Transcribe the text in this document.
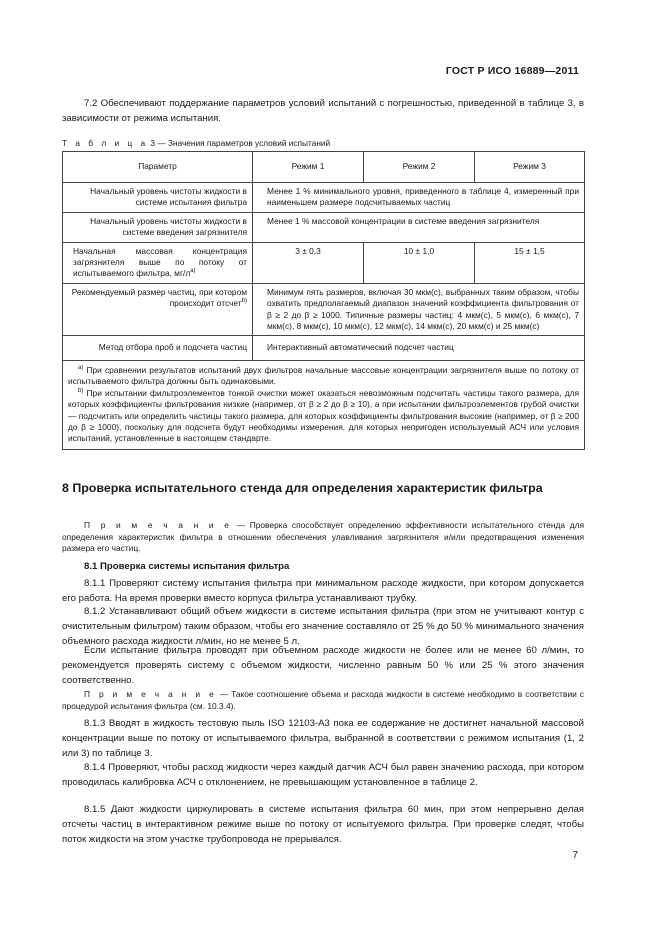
ГОСТ Р ИСО 16889—2011
7.2 Обеспечивают поддержание параметров условий испытаний с погрешностью, приведенной в таблице 3, в зависимости от режима испытания.
Т а б л и ц а 3 — Значения параметров условий испытаний
Параметр	Режим 1	Режим 2	Режим 3
Начальный уровень чистоты жидкости в системе испытания фильтра	Менее 1 % минимального уровня, приведенного в таблице 4, измеренный при наименьшем размере подсчитываемых частиц		
Начальный уровень чистоты жидкости в системе введения загрязнителя	Менее 1 % массовой концентрации в системе введения загрязнителя		
Начальная массовая концентрация загрязнителя выше по потоку от испытываемого фильтра, $мг/л^{a)}$	3 ± 0,3	10 ± 1,0	15 ± 1,5
Рекомендуемый размер частиц, при котором происходит отсчет$^{b)}$	Минимум пять размеров, включая 30 мкм(с), выбранных таким образом, чтобы охватить предполагаемый диапазон значений коэффициента фильтрования от β ≥ 2 до β ≥ 1000. Типичные размеры частиц: 4 мкм(с), 5 мкм(с), 6 мкм(с), 7 мкм(с), 8 мкм(с), 10 мкм(с), 12 мкм(с), 14 мкм(с), 20 мкм(с) и 25 мкм(с)		
Метод отбора проб и подсчета частиц	Интерактивный автоматический подсчет частиц		

$^{a)}$ При сравнении результатов испытаний двух фильтров начальные массовые концентрации загрязнителя выше по потоку от испытываемого фильтра должны быть одинаковыми.
$^{b)}$ При испытании фильтроэлементов тонкой очистки может оказаться невозможным подсчитать частицы такого размера, для которых коэффициенты фильтрования низкие (например, от β ≥ 2 до β ≥ 10), а при испытании фильтроэлементов грубой очистки — подсчитать или определить частицы такого размера, для которых коэффициенты фильтрования высокие (например, от β ≥ 200 до β ≥ 1000), поскольку для подсчета будут необходимы измерения, для которых непригоден используемый АСЧ или условия испытаний, установленные в настоящем стандарте.			
8 Проверка испытательного стенда для определения характеристик фильтра
П р и м е ч а н и е — Проверка способствует определению эффективности испытательного стенда для определения характеристик фильтра в отношении обеспечения улавливания загрязнителя и/или предотвращения изменения размера его частиц.
8.1 Проверка системы испытания фильтра
8.1.1 Проверяют систему испытания фильтра при минимальном расходе жидкости, при котором допускается его работа. На время проверки вместо корпуса фильтра устанавливают трубку.
8.1.2 Устанавливают общий объем жидкости в системе испытания фильтра (при этом не учитывают контур с очистительным фильтром) таким образом, чтобы его значение составляло от 25 % до 50 % минимального значения объемного расхода жидкости л/мин, но не менее 5 л.
Если испытание фильтра проводят при объемном расходе жидкости не более или не менее 60 л/мин, то рекомендуется проверять систему с объемом жидкости, численно равным 50 % или 25 % этого значения соответственно.
П р и м е ч а н и е — Такое соотношение объема и расхода жидкости в системе необходимо в соответствии с процедурой испытания фильтра (см. 10.3.4).
8.1.3 Вводят в жидкость тестовую пыль ISO 12103-A3 пока ее содержание не достигнет начальной массовой концентрации выше по потоку от испытываемого фильтра, выбранной в соответствии с режимом испытания (1, 2 или 3) по таблице 3.
8.1.4 Проверяют, чтобы расход жидкости через каждый датчик АСЧ был равен значению расхода, при котором проводилась калибровка АСЧ с отклонением, не превышающим установленное в таблице 2.
8.1.5 Дают жидкости циркулировать в системе испытания фильтра 60 мин, при этом непрерывно делая отсчеты частиц в интерактивном режиме выше по потоку от испытуемого фильтра. При проверке следят, чтобы поток жидкости на этом участке трубопровода не прерывался.
7
